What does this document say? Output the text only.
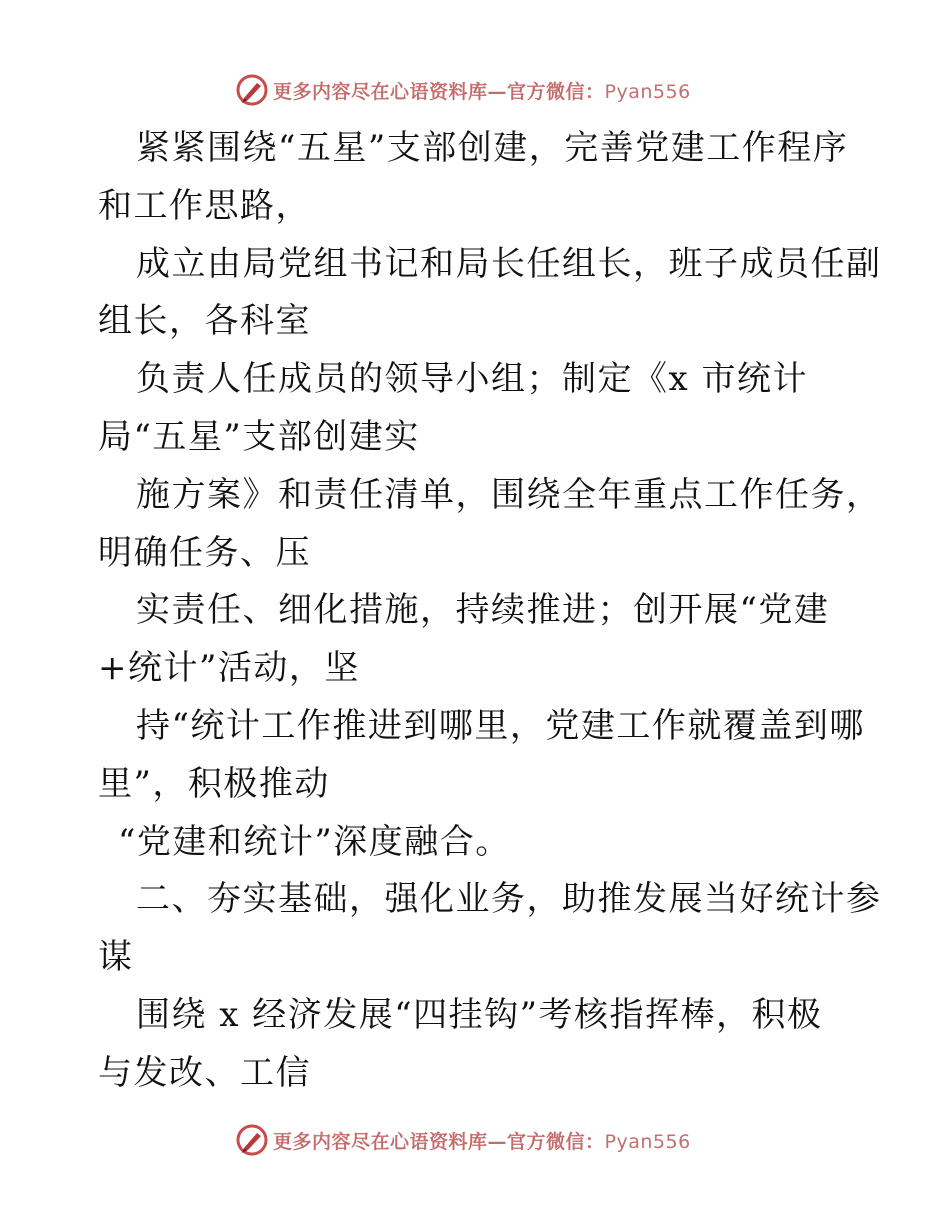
更多内容尽在心语资料库—官方微信：Pyan556
紧紧围绕“五星”支部创建，完善党建工作程序
和工作思路，
成立由局党组书记和局长任组长，班子成员任副
组长，各科室
负责人任成员的领导小组；制定《x 市统计
局“五星”支部创建实
施方案》和责任清单，围绕全年重点工作任务，
明确任务、压
实责任、细化措施，持续推进；创开展“党建
+统计”活动，坚
持“统计工作推进到哪里，党建工作就覆盖到哪
里”，积极推动
“党建和统计”深度融合。
二、夯实基础，强化业务，助推发展当好统计参
谋
围绕 x 经济发展“四挂钩”考核指挥棒，积极
与发改、工信
更多内容尽在心语资料库—官方微信：Pyan556
